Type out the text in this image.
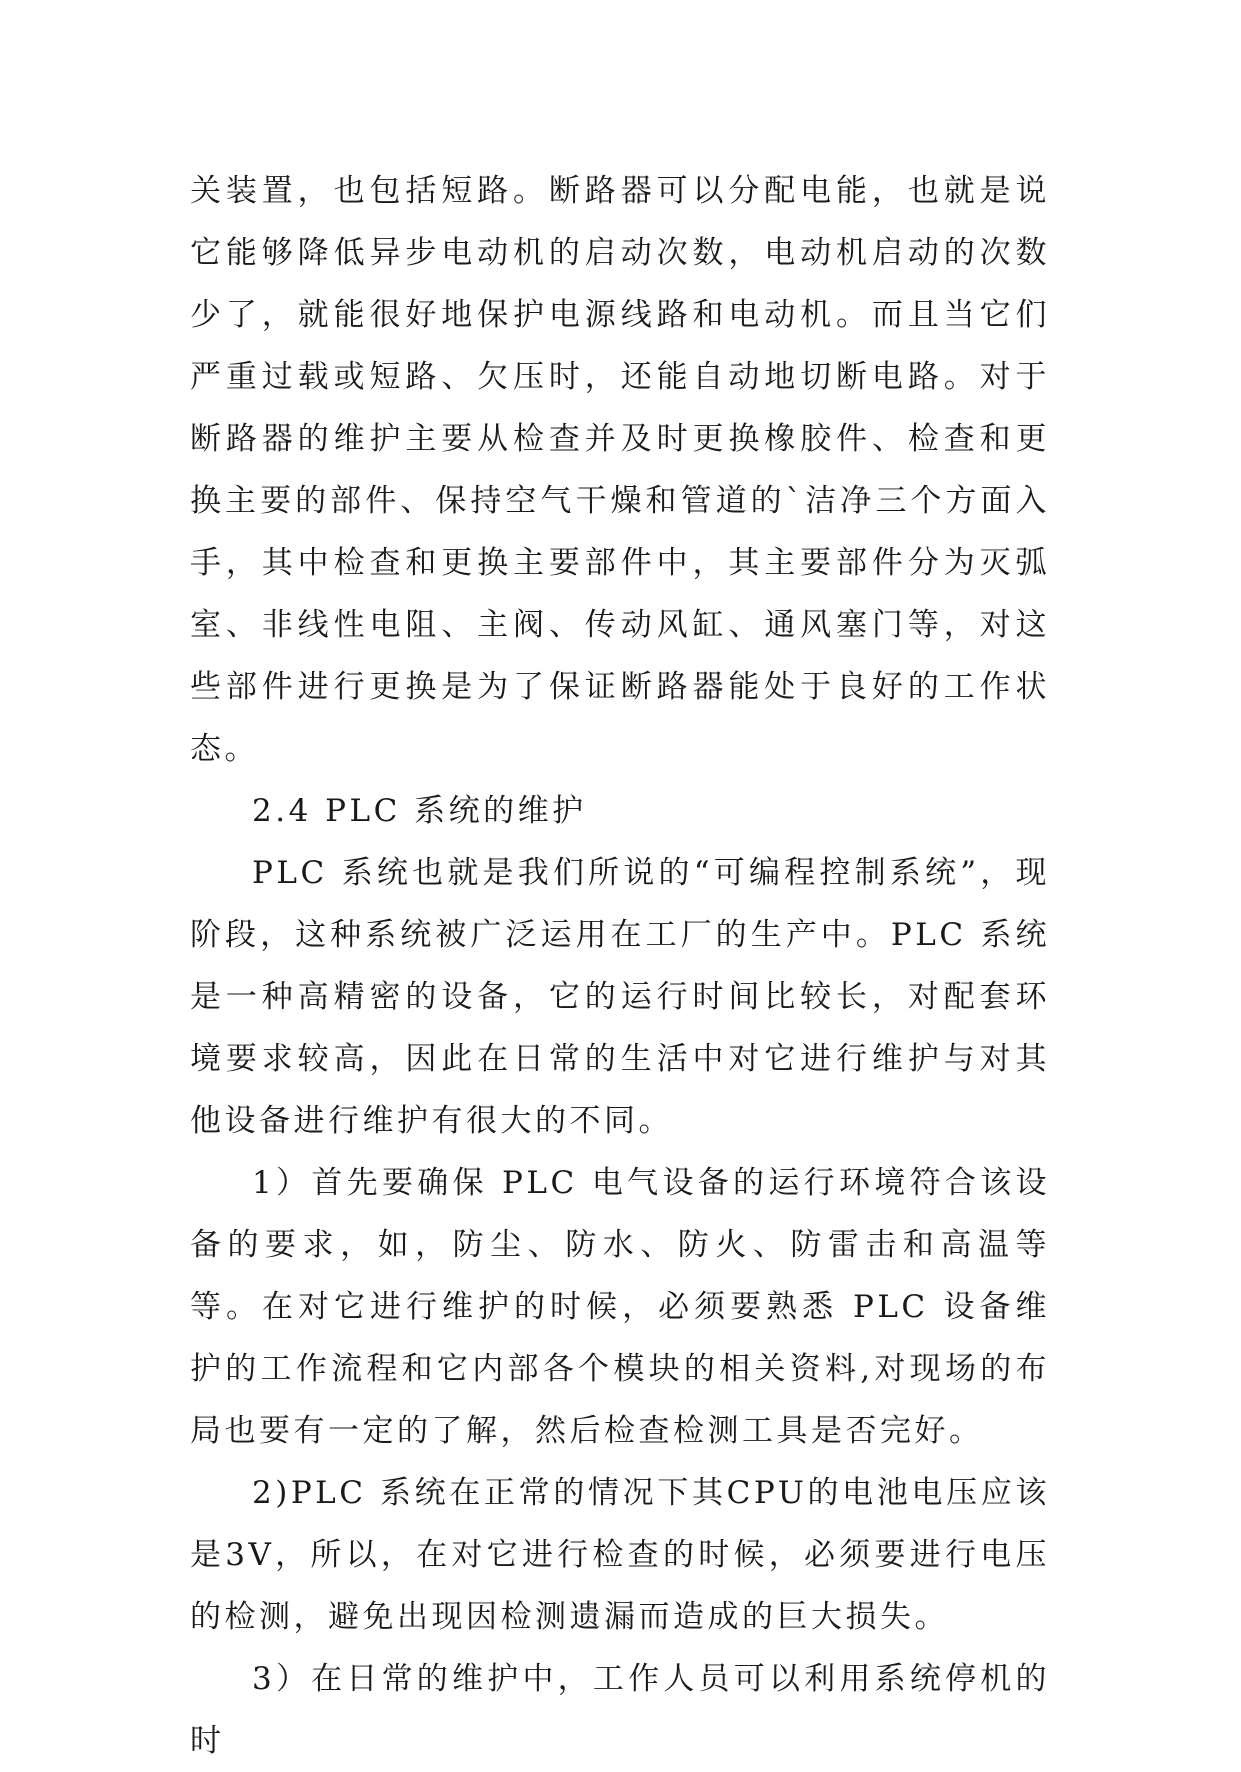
关装置，也包括短路。断路器可以分配电能，也就是说它能够降低异步电动机的启动次数，电动机启动的次数少了，就能很好地保护电源线路和电动机。而且当它们严重过载或短路、欠压时，还能自动地切断电路。对于断路器的维护主要从检查并及时更换橡胶件、检查和更换主要的部件、保持空气干燥和管道的`洁净三个方面入手，其中检查和更换主要部件中，其主要部件分为灭弧室、非线性电阻、主阀、传动风缸、通风塞门等，对这些部件进行更换是为了保证断路器能处于良好的工作状态。

2.4 PLC 系统的维护

PLC 系统也就是我们所说的“可编程控制系统”，现阶段，这种系统被广泛运用在工厂的生产中。PLC 系统是一种高精密的设备，它的运行时间比较长，对配套环境要求较高，因此在日常的生活中对它进行维护与对其他设备进行维护有很大的不同。

1）首先要确保 PLC 电气设备的运行环境符合该设备的要求，如，防尘、防水、防火、防雷击和高温等等。在对它进行维护的时候，必须要熟悉 PLC 设备维护的工作流程和它内部各个模块的相关资料,对现场的布局也要有一定的了解，然后检查检测工具是否完好。

2)PLC 系统在正常的情况下其CPU的电池电压应该是3V，所以，在对它进行检查的时候，必须要进行电压的检测，避免出现因检测遗漏而造成的巨大损失。

3）在日常的维护中，工作人员可以利用系统停机的时
